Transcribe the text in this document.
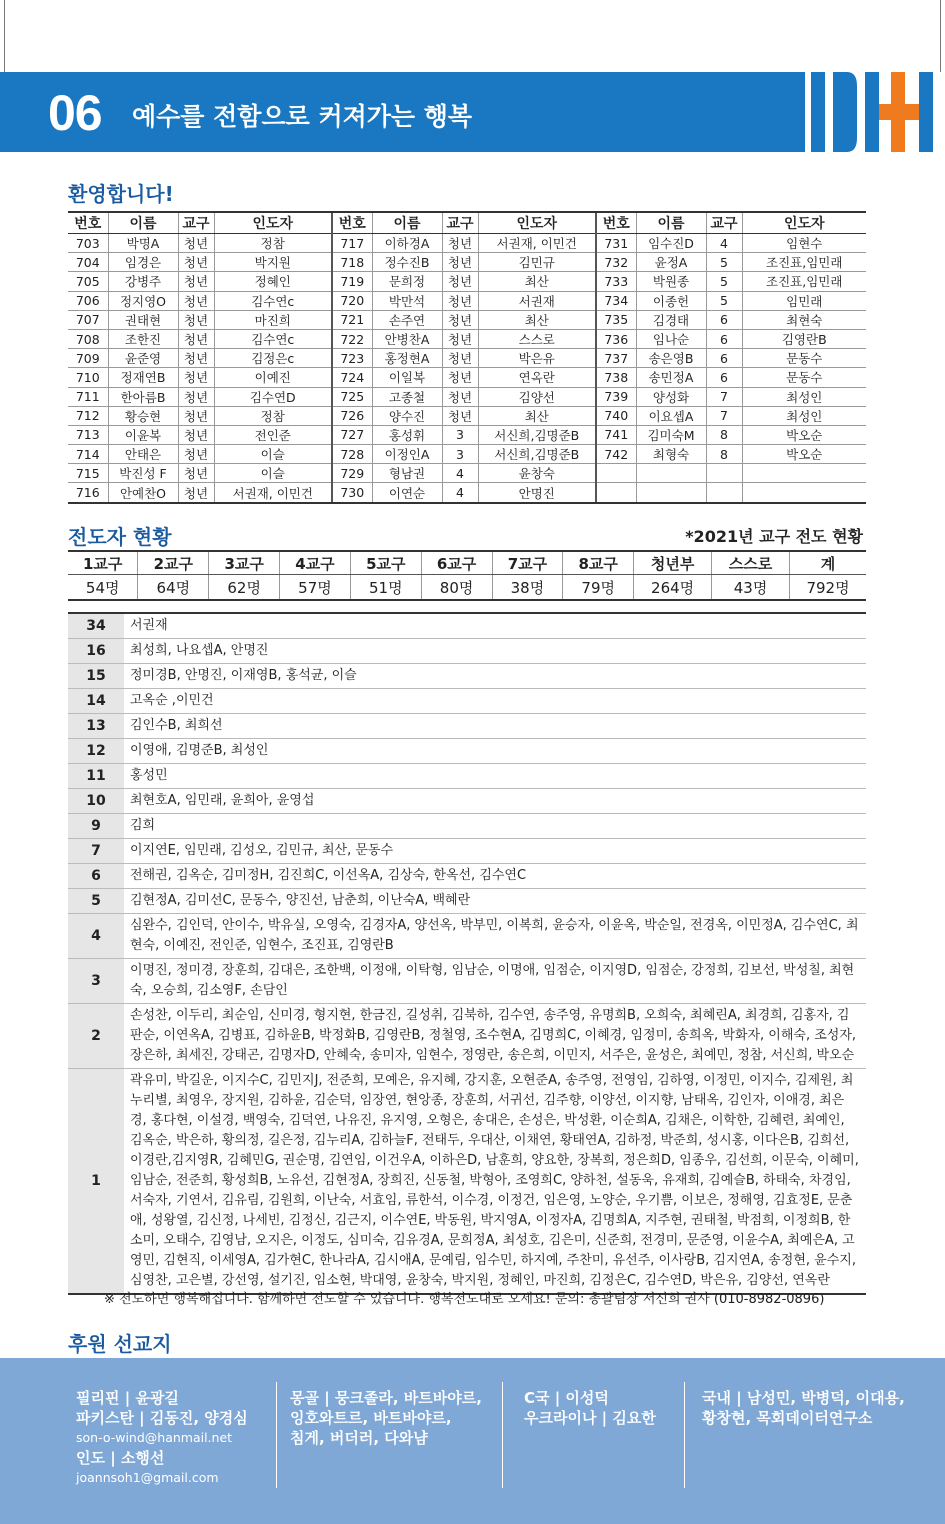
06 예수를 전함으로 커져가는 행복
환영합니다!
번호	이름	교구	인도자	번호	이름	교구	인도자	번호	이름	교구	인도자
703	박명A	청년	정참	717	이하경A	청년	서권재, 이민건	731	임수진D	4	임현수
704	임경은	청년	박지원	718	정수진B	청년	김민규	732	윤정A	5	조진표,임민래
705	강병주	청년	정혜인	719	문희정	청년	최산	733	박원종	5	조진표,임민래
706	정지영O	청년	김수연c	720	박만석	청년	서권재	734	이종헌	5	임민래
707	권태현	청년	마진희	721	손주연	청년	최산	735	김경태	6	최현숙
708	조한진	청년	김수연c	722	안병찬A	청년	스스로	736	임나순	6	김영란B
709	윤준영	청년	김정은c	723	홍정현A	청년	박은유	737	송은영B	6	문동수
710	정재연B	청년	이예진	724	이일복	청년	연옥란	738	송민정A	6	문동수
711	한아름B	청년	김수연D	725	고종철	청년	김양선	739	양성화	7	최성인
712	황승현	청년	정참	726	양수진	청년	최산	740	이요셉A	7	최성인
713	이윤복	청년	전인준	727	홍성휘	3	서신희,김명준B	741	김미숙M	8	박오순
714	안태은	청년	이슬	728	이정인A	3	서신희,김명준B	742	최형숙	8	박오순
715	박진성 F	청년	이슬	729	형남권	4	윤창숙				
716	안예찬O	청년	서권재, 이민건	730	이연순	4	안명진				
전도자 현황	*2021년 교구 전도 현황
1교구	2교구	3교구	4교구	5교구	6교구	7교구	8교구	청년부	스스로	계
54명	64명	62명	57명	51명	80명	38명	79명	264명	43명	792명
34	서권재
16	최성희, 나요셉A, 안명진
15	정미경B, 안명진, 이재영B, 홍석균, 이슬
14	고옥순 ,이민건
13	김인수B, 최희선
12	이영애, 김명준B, 최성인
11	홍성민
10	최현호A, 임민래, 윤희아, 윤영섭
9	김희
7	이지연E, 임민래, 김성오, 김민규, 최산, 문동수
6	전해권, 김옥순, 김미정H, 김진희C, 이선옥A, 김상숙, 한옥선, 김수연C
5	김현정A, 김미선C, 문동수, 양진선, 남춘희, 이난숙A, 백혜란
4	심완수, 김인덕, 안이수, 박유실, 오영숙, 김경자A, 양선옥, 박부민, 이복희, 윤승자, 이윤옥, 박순일, 전경옥, 이민정A, 김수연C, 최현숙, 이예진, 전인준, 임현수, 조진표, 김영란B
3	이명진, 정미경, 장훈희, 김대은, 조한백, 이정애, 이탁형, 임남순, 이명애, 임점순, 이지영D, 임점순, 강정희, 김보선, 박성칠, 최현숙, 오승희, 김소영F, 손담인
2	손성찬, 이두리, 최순임, 신미경, 형지현, 한금진, 길성취, 김북하, 김수연, 송주영, 유명희B, 오희숙, 최혜린A, 최경희, 김홍자, 김판순, 이연옥A, 김병표, 김하윤B, 박정화B, 김영란B, 정철영, 조수현A, 김명희C, 이혜경, 임정미, 송희옥, 박화자, 이해숙, 조성자, 장은하, 최세진, 강태곤, 김명자D, 안혜숙, 송미자, 임현수, 정영란, 송은희, 이민지, 서주은, 윤성은, 최예민, 정참, 서신희, 박오순
1	곽유미, 박길운, 이지수C, 김민지J, 전준희, 모예은, 유지혜, 강지훈, 오현준A, 송주영, 전영임, 김하영, 이정민, 이지수, 김제원, 최누리별, 최영우, 장지원, 김하윤, 김순덕, 임장연, 현앙종, 장훈희, 서귀선, 김주향, 이양선, 이지향, 남태옥, 김인자, 이애경, 최은경, 홍다현, 이설경, 백영숙, 김덕연, 나유진, 유지영, 오형은, 송대은, 손성은, 박성환, 이순희A, 김채은, 이학한, 김혜련, 최예인, 김옥순, 박은하, 황의정, 길은정, 김누리A, 김하늘F, 전태두, 우대산, 이채연, 황태연A, 김하정, 박준희, 성시홍, 이다은B, 김희선, 이경란,김지영R, 김혜민G, 권순명, 김연임, 이건우A, 이하은D, 남훈희, 양요한, 장복희, 정은희D, 임종우, 김선희, 이문숙, 이혜미, 임남순, 전준희, 황성희B, 노유선, 김현정A, 장희진, 신동철, 박형아, 조영희C, 양하천, 설동욱, 유재희, 김예슬B, 하태숙, 차경임, 서숙자, 기연서, 김유림, 김원희, 이난숙, 서효임, 류한석, 이수경, 이정건, 임은영, 노양순, 우기쁨, 이보은, 정해영, 김효정E, 문춘애, 성왕열, 김신정, 나세빈, 김정신, 김근지, 이수연E, 박동원, 박지영A, 이정자A, 김명희A, 지주현, 권태철, 박점희, 이정희B, 한소미, 오태수, 김영남, 오지은, 이정도, 심미숙, 김유경A, 문희정A, 최성호, 김은미, 신준희, 전경미, 문준영, 이윤수A, 최예은A, 고영민, 김현직, 이세영A, 김가현C, 한나라A, 김시애A, 문예림, 임수민, 하지예, 주찬미, 유선주, 이사랑B, 김지연A, 송정현, 윤수지, 심영찬, 고은별, 강선영, 설기진, 임소현, 박대영, 윤창숙, 박지원, 정혜인, 마진희, 김정은C, 김수연D, 박은유, 김양선, 연옥란
※ 전도하면 행복해집니다. 함께하면 전도할 수 있습니다. 행복전도대로 오세요! 문의: 총괄팀장 서신희 권사 (010-8982-0896)
후원 선교지
필리핀 | 윤광길
파키스탄 | 김동진, 양경심
son-o-wind@hanmail.net
인도 | 소행선
joannsoh1@gmail.com
몽골 | 뭉크졸라, 바트바야르,
잉호와트르, 바트바야르,
침게, 버더러, 다와냠
C국 | 이성덕
우크라이나 | 김요한
국내 | 남성민, 박병덕, 이대용,
황창현, 목회데이터연구소
